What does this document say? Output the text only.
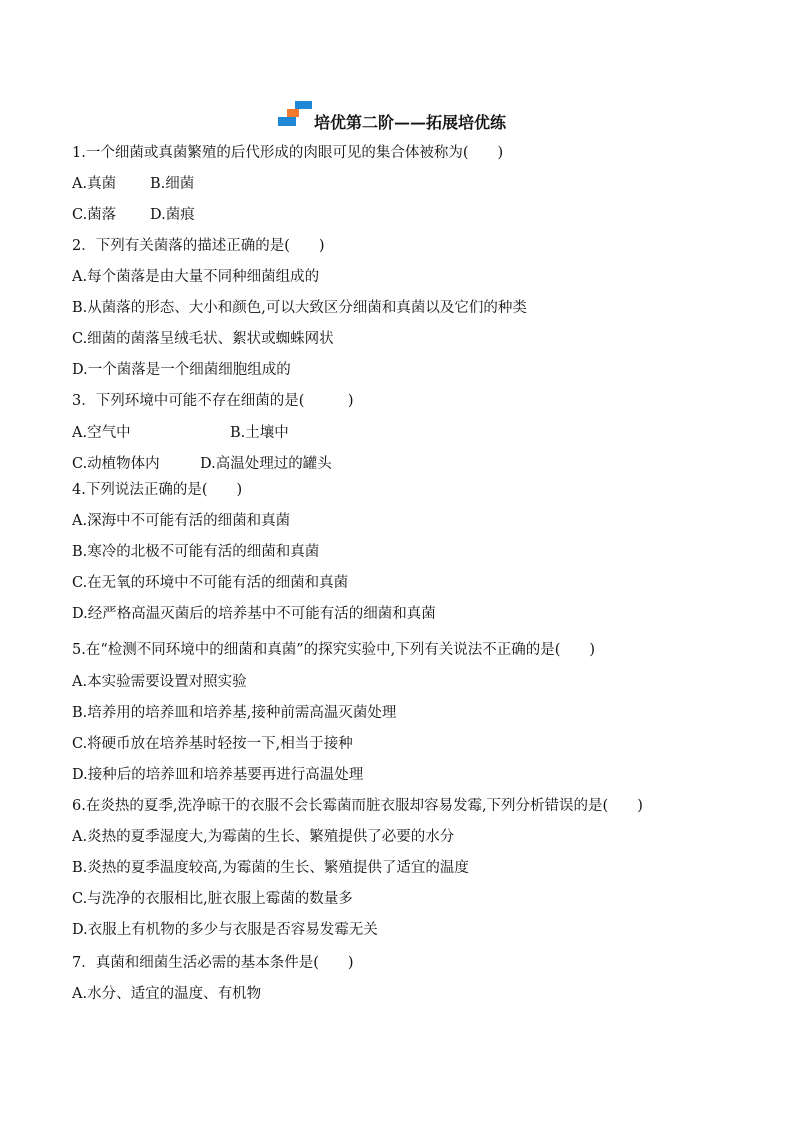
培优第二阶——拓展培优练
1.一个细菌或真菌繁殖的后代形成的肉眼可见的集合体被称为(　　)
A.真菌 B.细菌
C.菌落 D.菌痕
2．下列有关菌落的描述正确的是(　　)
A.每个菌落是由大量不同种细菌组成的
B.从菌落的形态、大小和颜色,可以大致区分细菌和真菌以及它们的种类
C.细菌的菌落呈绒毛状、絮状或蜘蛛网状
D.一个菌落是一个细菌细胞组成的
3．下列环境中可能不存在细菌的是(　　　)
A.空气中	B.土壤中
C.动植物体内	D.高温处理过的罐头
4.下列说法正确的是(　　)
A.深海中不可能有活的细菌和真菌
B.寒冷的北极不可能有活的细菌和真菌
C.在无氧的环境中不可能有活的细菌和真菌
D.经严格高温灭菌后的培养基中不可能有活的细菌和真菌
5.在“检测不同环境中的细菌和真菌”的探究实验中,下列有关说法不正确的是(　　)
A.本实验需要设置对照实验
B.培养用的培养皿和培养基,接种前需高温灭菌处理
C.将硬币放在培养基时轻按一下,相当于接种
D.接种后的培养皿和培养基要再进行高温处理
6.在炎热的夏季,洗净晾干的衣服不会长霉菌而脏衣服却容易发霉,下列分析错误的是(　　)
A.炎热的夏季湿度大,为霉菌的生长、繁殖提供了必要的水分
B.炎热的夏季温度较高,为霉菌的生长、繁殖提供了适宜的温度
C.与洗净的衣服相比,脏衣服上霉菌的数量多
D.衣服上有机物的多少与衣服是否容易发霉无关
7．真菌和细菌生活必需的基本条件是(　　)
A.水分、适宜的温度、有机物
